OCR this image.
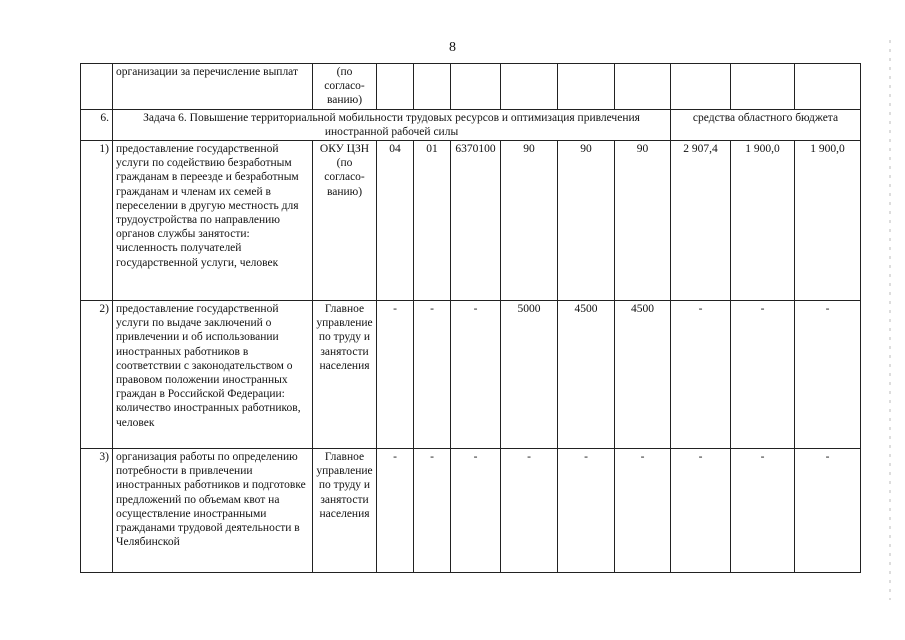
8
	организации за перечисление выплат	(по согласо-ванию)									
6.	Задача 6. Повышение территориальной мобильности трудовых ресурсов и оптимизация привлечения иностранной рабочей силы								средства областного бюджета		
1)	предоставление государственной услуги по содействию безработным гражданам в переезде и безработным гражданам и членам их семей в переселении в другую местность для трудоустройства по направлению органов службы занятости: численность получателей государственной услуги, человек	ОКУ ЦЗН (по согласо-ванию)	04	01	6370100	90	90	90	2 907,4	1 900,0	1 900,0
2)	предоставление государственной услуги по выдаче заключений о привлечении и об использовании иностранных работников в соответствии с законодательством о правовом положении иностранных граждан в Российской Федерации: количество иностранных работников, человек	Главное управление по труду и занятости населения	-	-	-	5000	4500	4500	-	-	-
3)	организация работы по определению потребности в привлечении иностранных работников и подготовке предложений по объемам квот на осуществление иностранными гражданами трудовой деятельности в Челябинской	Главное управление по труду и занятости населения	-	-	-	-	-	-	-	-	-
